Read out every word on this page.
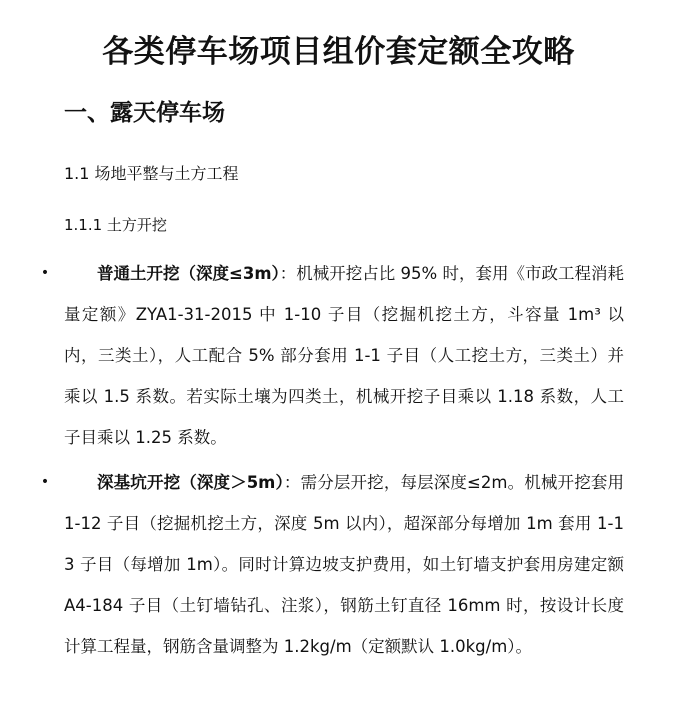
各类停车场项目组价套定额全攻略
一、露天停车场
1.1 场地平整与土方工程
1.1.1 土方开挖
•	普通土开挖（深度≤3m）：机械开挖占比 95% 时，套用《市政工程消耗量定额》ZYA1-31-2015 中 1-10 子目（挖掘机挖土方，斗容量 1m³ 以内，三类土），人工配合 5% 部分套用 1-1 子目（人工挖土方，三类土）并乘以 1.5 系数。若实际土壤为四类土，机械开挖子目乘以 1.18 系数，人工子目乘以 1.25 系数。

•	深基坑开挖（深度＞5m）：需分层开挖，每层深度≤2m。机械开挖套用 1-12 子目（挖掘机挖土方，深度 5m 以内），超深部分每增加 1m 套用 1-13 子目（每增加 1m）。同时计算边坡支护费用，如土钉墙支护套用房建定额 A4-184 子目（土钉墙钻孔、注浆），钢筋土钉直径 16mm 时，按设计长度计算工程量，钢筋含量调整为 1.2kg/m（定额默认 1.0kg/m）。
